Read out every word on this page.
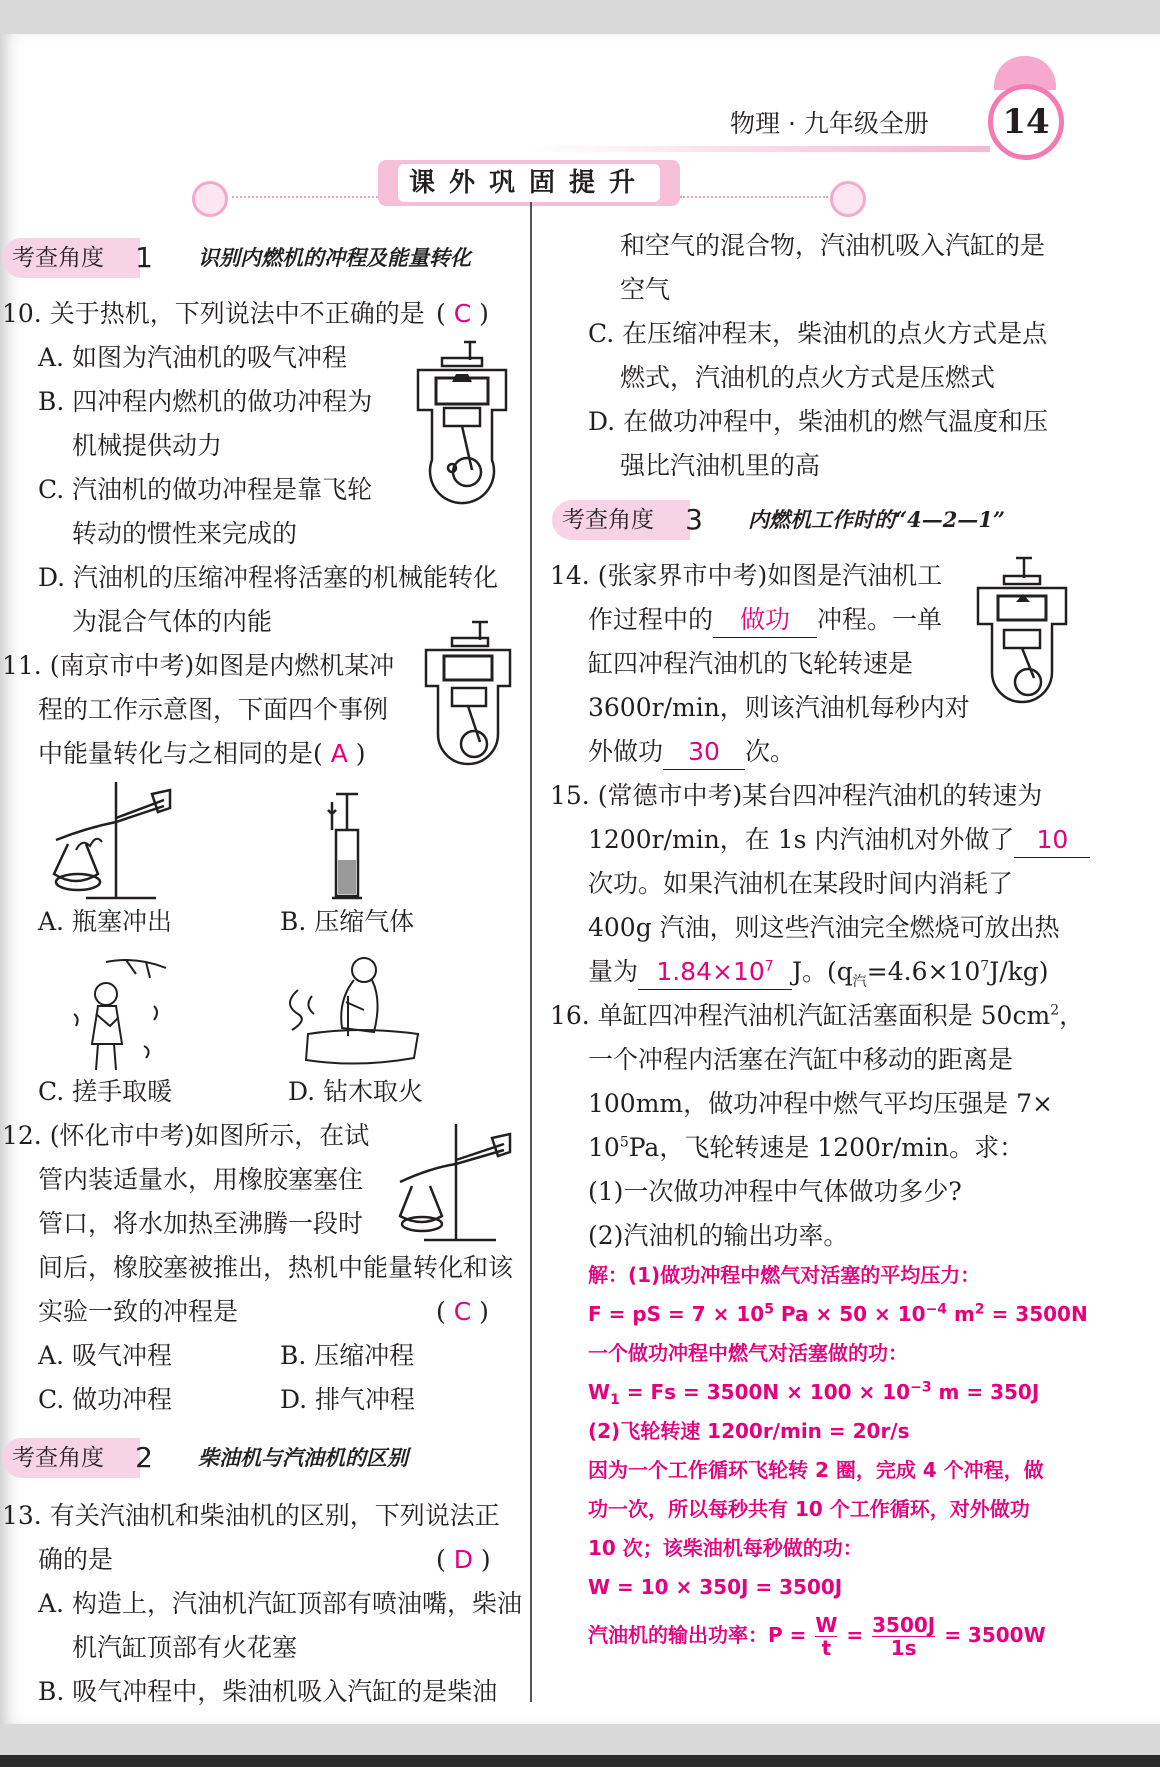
物理 · 九年级全册	14
课外巩固提升
考查角度	1	识别内燃机的冲程及能量转化
10. 关于热机，下列说法中不正确的是 ( C )
A. 如图为汽油机的吸气冲程
B. 四冲程内燃机的做功冲程为
机械提供动力
C. 汽油机的做功冲程是靠飞轮
转动的惯性来完成的
D. 汽油机的压缩冲程将活塞的机械能转化
为混合气体的内能
11. (南京市中考)如图是内燃机某冲
程的工作示意图，下面四个事例
中能量转化与之相同的是( A )
A. 瓶塞冲出	B. 压缩气体
C. 搓手取暖	D. 钻木取火
12. (怀化市中考)如图所示，在试
管内装适量水，用橡胶塞塞住
管口，将水加热至沸腾一段时
间后，橡胶塞被推出，热机中能量转化和该
实验一致的冲程是	( C )
A. 吸气冲程	B. 压缩冲程
C. 做功冲程	D. 排气冲程
考查角度	2	柴油机与汽油机的区别
13. 有关汽油机和柴油机的区别，下列说法正
确的是	( D )
A. 构造上，汽油机汽缸顶部有喷油嘴，柴油
机汽缸顶部有火花塞
B. 吸气冲程中，柴油机吸入汽缸的是柴油
和空气的混合物，汽油机吸入汽缸的是
空气
C. 在压缩冲程末，柴油机的点火方式是点
燃式，汽油机的点火方式是压燃式
D. 在做功冲程中，柴油机的燃气温度和压
强比汽油机里的高
考查角度	3	内燃机工作时的“4—2—1”
14. (张家界市中考)如图是汽油机工
作过程中的 做功 冲程。一单
缸四冲程汽油机的飞轮转速是
3600r/min，则该汽油机每秒内对
外做功 30 次。
15. (常德市中考)某台四冲程汽油机的转速为
1200r/min，在 1s 内汽油机对外做了 10
次功。如果汽油机在某段时间内消耗了
400g 汽油，则这些汽油完全燃烧可放出热
量为 $1.84\times 10^7$ J。$(q_汽=4.6\times 10^7J/kg)$
16. 单缸四冲程汽油机汽缸活塞面积是 $50cm^2$，
一个冲程内活塞在汽缸中移动的距离是
100mm，做功冲程中燃气平均压强是 7×
$10^5Pa$，飞轮转速是 1200r/min。求：
(1)一次做功冲程中气体做功多少?
(2)汽油机的输出功率。
解：(1)做功冲程中燃气对活塞的平均压力：
F = pS = $7 \times 10^5$ $Pa \times 50 \times 10^{-4}$ $m^2 = 3500N$
一个做功冲程中燃气对活塞做的功：
$W_1 = Fs = 3500N \times 100 \times 10^{-3}$ m = 350J
(2)飞轮转速 1200r/min = 20r/s
因为一个工作循环飞轮转 2 圈，完成 4 个冲程，做
功一次，所以每秒共有 10 个工作循环，对外做功
10 次；该柴油机每秒做的功：
W = 10 × 350J = 3500J
汽油机的输出功率：$P = \frac{W}{t} = \frac{3500J}{1s} = 3500W$
